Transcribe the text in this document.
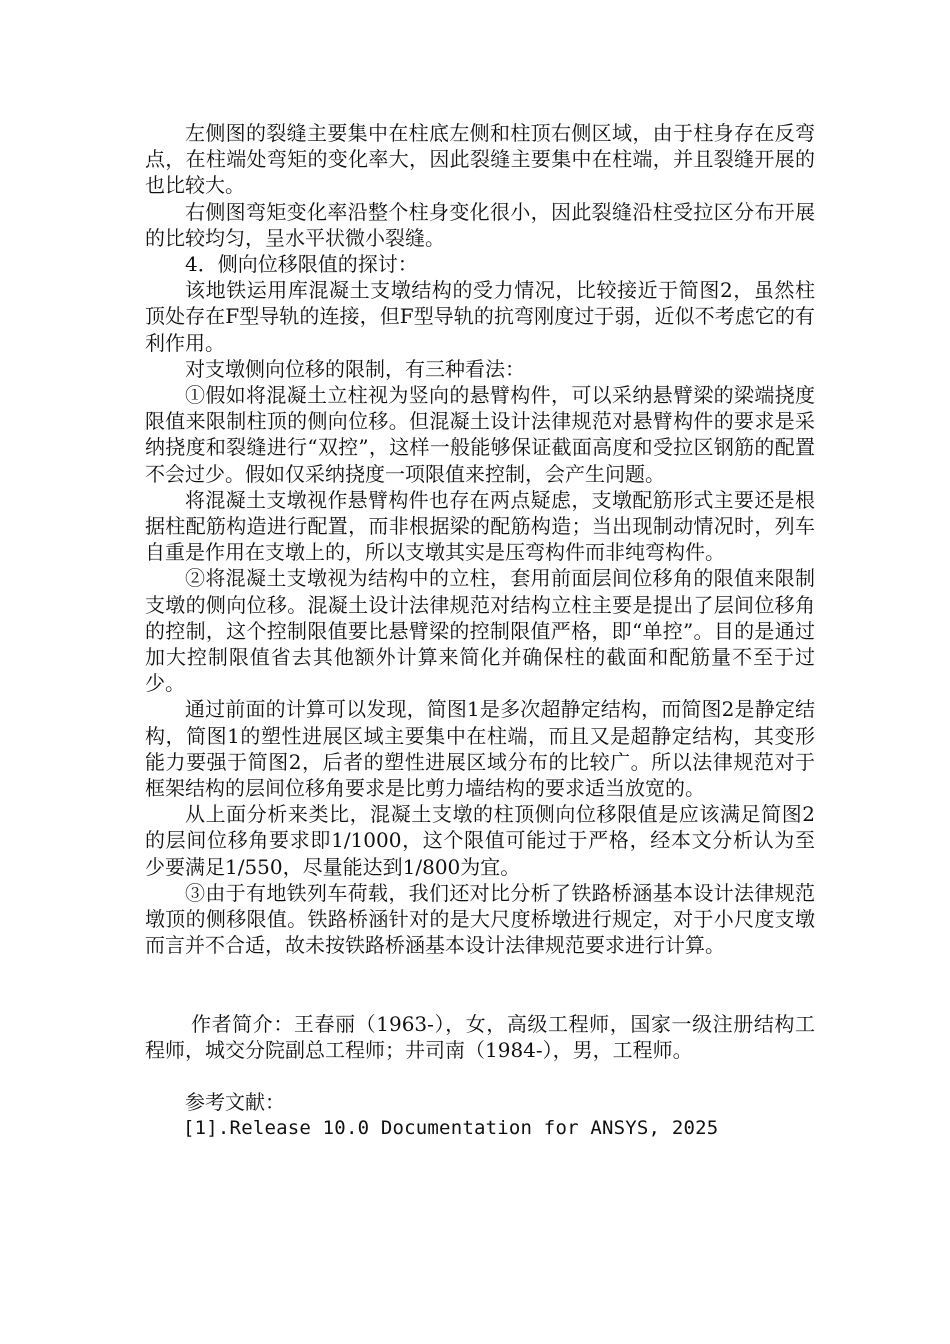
左侧图的裂缝主要集中在柱底左侧和柱顶右侧区域，由于柱身存在反弯点，在柱端处弯矩的变化率大，因此裂缝主要集中在柱端，并且裂缝开展的也比较大。

右侧图弯矩变化率沿整个柱身变化很小，因此裂缝沿柱受拉区分布开展的比较均匀，呈水平状微小裂缝。

4．侧向位移限值的探讨：

该地铁运用库混凝土支墩结构的受力情况，比较接近于简图2，虽然柱顶处存在F型导轨的连接，但F型导轨的抗弯刚度过于弱，近似不考虑它的有利作用。

对支墩侧向位移的限制，有三种看法：

①假如将混凝土立柱视为竖向的悬臂构件，可以采纳悬臂梁的梁端挠度限值来限制柱顶的侧向位移。但混凝土设计法律规范对悬臂构件的要求是采纳挠度和裂缝进行“双控”，这样一般能够保证截面高度和受拉区钢筋的配置不会过少。假如仅采纳挠度一项限值来控制，会产生问题。

将混凝土支墩视作悬臂构件也存在两点疑虑，支墩配筋形式主要还是根据柱配筋构造进行配置，而非根据梁的配筋构造；当出现制动情况时，列车自重是作用在支墩上的，所以支墩其实是压弯构件而非纯弯构件。

②将混凝土支墩视为结构中的立柱，套用前面层间位移角的限值来限制支墩的侧向位移。混凝土设计法律规范对结构立柱主要是提出了层间位移角的控制，这个控制限值要比悬臂梁的控制限值严格，即“单控”。目的是通过加大控制限值省去其他额外计算来简化并确保柱的截面和配筋量不至于过少。

通过前面的计算可以发现，简图1是多次超静定结构，而简图2是静定结构，简图1的塑性进展区域主要集中在柱端，而且又是超静定结构，其变形能力要强于简图2，后者的塑性进展区域分布的比较广。所以法律规范对于框架结构的层间位移角要求是比剪力墙结构的要求适当放宽的。

从上面分析来类比，混凝土支墩的柱顶侧向位移限值是应该满足简图2的层间位移角要求即1/1000，这个限值可能过于严格，经本文分析认为至少要满足1/550，尽量能达到1/800为宜。

③由于有地铁列车荷载，我们还对比分析了铁路桥涵基本设计法律规范墩顶的侧移限值。铁路桥涵针对的是大尺度桥墩进行规定，对于小尺度支墩而言并不合适，故未按铁路桥涵基本设计法律规范要求进行计算。

作者简介：王春丽（1963-），女，高级工程师，国家一级注册结构工程师，城交分院副总工程师；井司南（1984-），男，工程师。

参考文献：

[1].Release 10.0 Documentation for ANSYS, 2025
